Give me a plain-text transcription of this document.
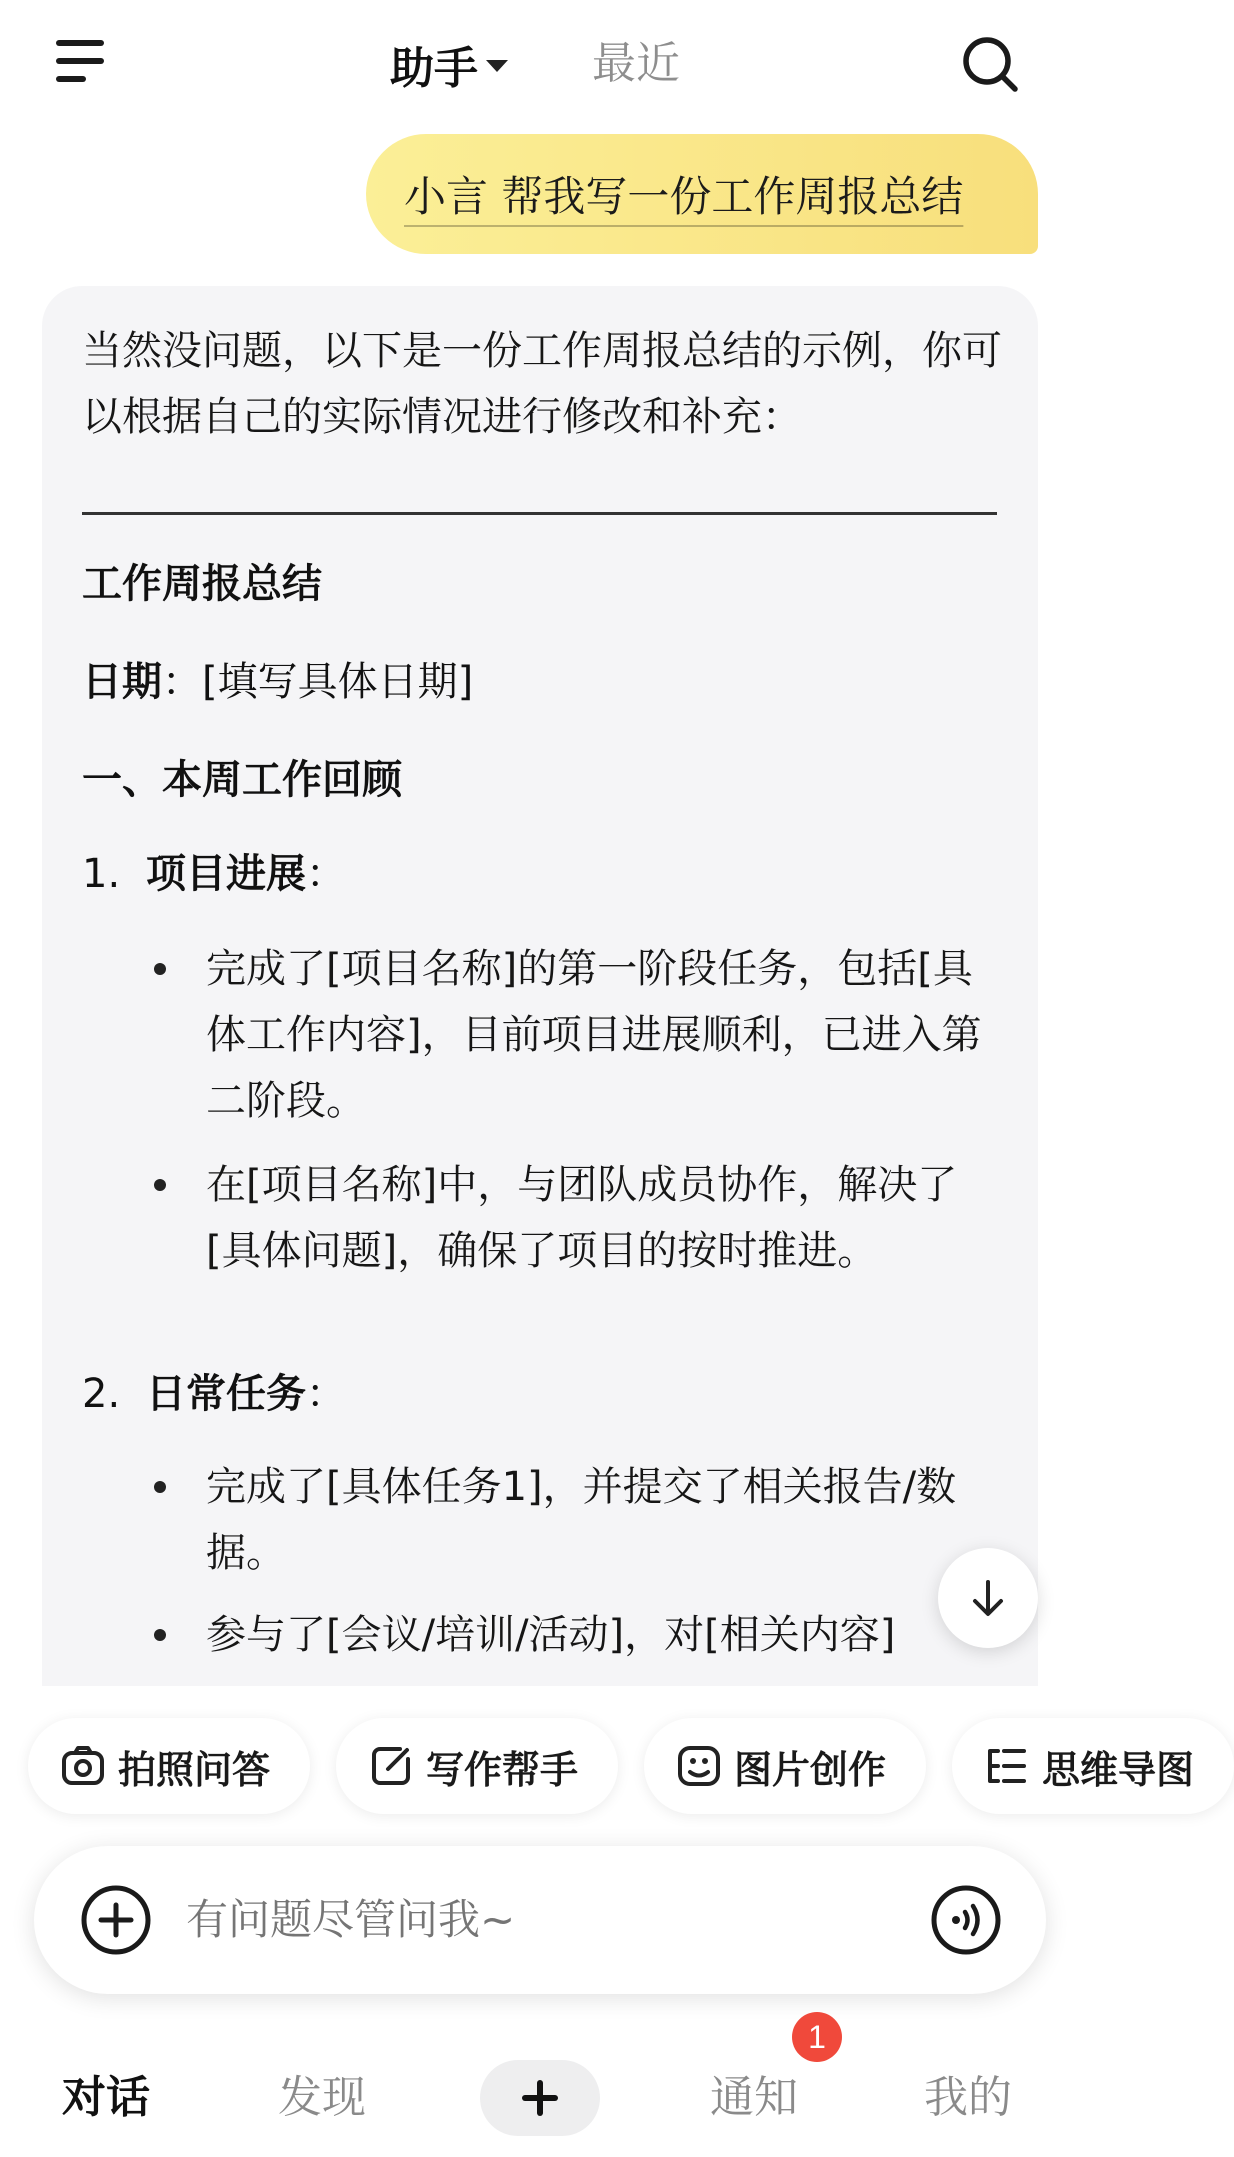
助手	最近
小言 帮我写一份工作周报总结
当然没问题，以下是一份工作周报总结的示例，你可以根据自己的实际情况进行修改和补充：
工作周报总结
日期：[填写具体日期]
一、本周工作回顾
1. 项目进展：
完成了[项目名称]的第一阶段任务，包括[具体工作内容]，目前项目进展顺利，已进入第二阶段。
在[项目名称]中，与团队成员协作，解决了[具体问题]，确保了项目的按时推进。
2. 日常任务：
完成了[具体任务1]，并提交了相关报告/数据。
参与了[会议/培训/活动]，对[相关内容]
拍照问答	写作帮手	图片创作	思维导图
有问题尽管问我~
对话	发现	通知	我的
1
